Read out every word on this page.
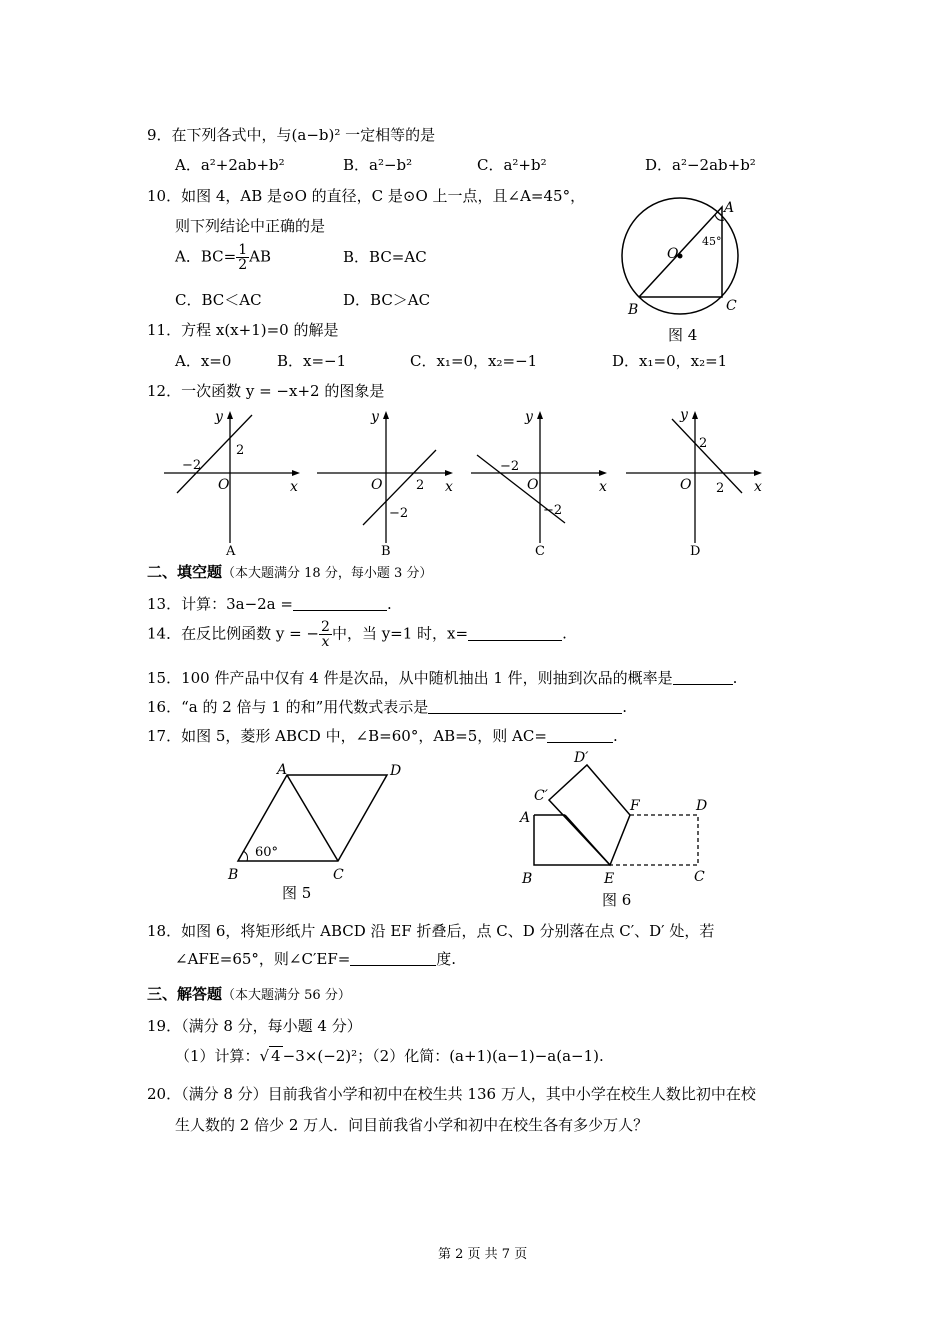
9．在下列各式中，与(a−b)² 一定相等的是
A．a²+2ab+b²	B．a²−b²	C．a²+b²	D．a²−2ab+b²
10．如图 4，AB 是⊙O 的直径，C 是⊙O 上一点，且∠A=45°，
则下列结论中正确的是
A．$BC= \frac{1}{2}$ AB	B．BC=AC
C．BC＜AC	D．BC＞AC
A
B	C
O
45°
图 4
11．方程 x(x+1)=0 的解是
A．x=0	B．x=−1	C．x₁=0，x₂=−1	D．x₁=0，x₂=1
12．一次函数 y = −x+2 的图象是
y
x
O
−2
2
A
y
x
O	2
−2
B
y
x
O
−2
−2
C
y
x
O
2
2
D
二、填空题（本大题满分 18 分，每小题 3 分）
13．计算：3a−2a =	.
14．在反比例函数 y = − $\frac{2}{x}$ 中，当 y=1 时，x=	.
15．100 件产品中仅有 4 件是次品，从中随机抽出 1 件，则抽到次品的概率是	.
16．“a 的 2 倍与 1 的和”用代数式表示是	.
17．如图 5，菱形 ABCD 中，∠B=60°，AB=5，则 AC=	.
A	D
B	C
60°
图 5
D′
C′
F	D
A
B	E	C
图 6
18．如图 6，将矩形纸片 ABCD 沿 EF 折叠后，点 C、D 分别落在点 C′、D′ 处，若
∠AFE=65°，则∠C′EF=	度.
三、解答题（本大题满分 56 分）
19．（满分 8 分，每小题 4 分）
（1）计算：√ 4 −3×(−2)²；（2）化简：(a+1)(a−1)−a(a−1).
20．（满分 8 分）目前我省小学和初中在校生共 136 万人，其中小学在校生人数比初中在校
生人数的 2 倍少 2 万人．问目前我省小学和初中在校生各有多少万人？
第 2 页 共 7 页
